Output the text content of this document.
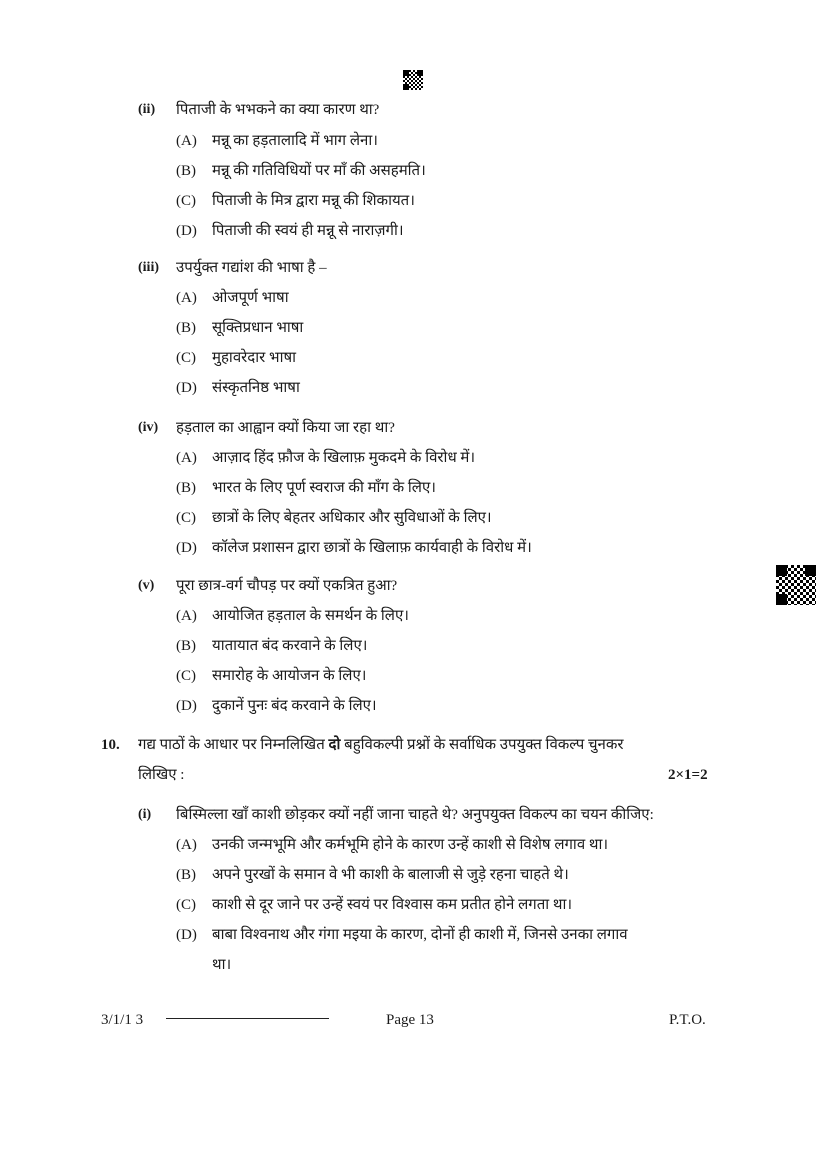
(ii) पिताजी के भभकने का क्या कारण था?
(A) मन्नू का हड़तालादि में भाग लेना।
(B) मन्नू की गतिविधियों पर माँ की असहमति।
(C) पिताजी के मित्र द्वारा मन्नू की शिकायत।
(D) पिताजी की स्वयं ही मन्नू से नाराज़गी।
(iii) उपर्युक्त गद्यांश की भाषा है –
(A) ओजपूर्ण भाषा
(B) सूक्तिप्रधान भाषा
(C) मुहावरेदार भाषा
(D) संस्कृतनिष्ठ भाषा
(iv) हड़ताल का आह्वान क्यों किया जा रहा था?
(A) आज़ाद हिंद फ़ौज के खिलाफ़ मुकदमे के विरोध में।
(B) भारत के लिए पूर्ण स्वराज की माँग के लिए।
(C) छात्रों के लिए बेहतर अधिकार और सुविधाओं के लिए।
(D) कॉलेज प्रशासन द्वारा छात्रों के खिलाफ़ कार्यवाही के विरोध में।
(v) पूरा छात्र-वर्ग चौपड़ पर क्यों एकत्रित हुआ?
(A) आयोजित हड़ताल के समर्थन के लिए।
(B) यातायात बंद करवाने के लिए।
(C) समारोह के आयोजन के लिए।
(D) दुकानें पुनः बंद करवाने के लिए।
10. गद्य पाठों के आधार पर निम्नलिखित दो बहुविकल्पी प्रश्नों के सर्वाधिक उपयुक्त विकल्प चुनकर
लिखिए :	2×1=2
(i) बिस्मिल्ला खाँ काशी छोड़कर क्यों नहीं जाना चाहते थे? अनुपयुक्त विकल्प का चयन कीजिए:
(A) उनकी जन्मभूमि और कर्मभूमि होने के कारण उन्हें काशी से विशेष लगाव था।
(B) अपने पुरखों के समान वे भी काशी के बालाजी से जुड़े रहना चाहते थे।
(C) काशी से दूर जाने पर उन्हें स्वयं पर विश्वास कम प्रतीत होने लगता था।
(D) बाबा विश्वनाथ और गंगा मइया के कारण, दोनों ही काशी में, जिनसे उनका लगाव
था।
3/1/1 3	Page 13	P.T.O.
